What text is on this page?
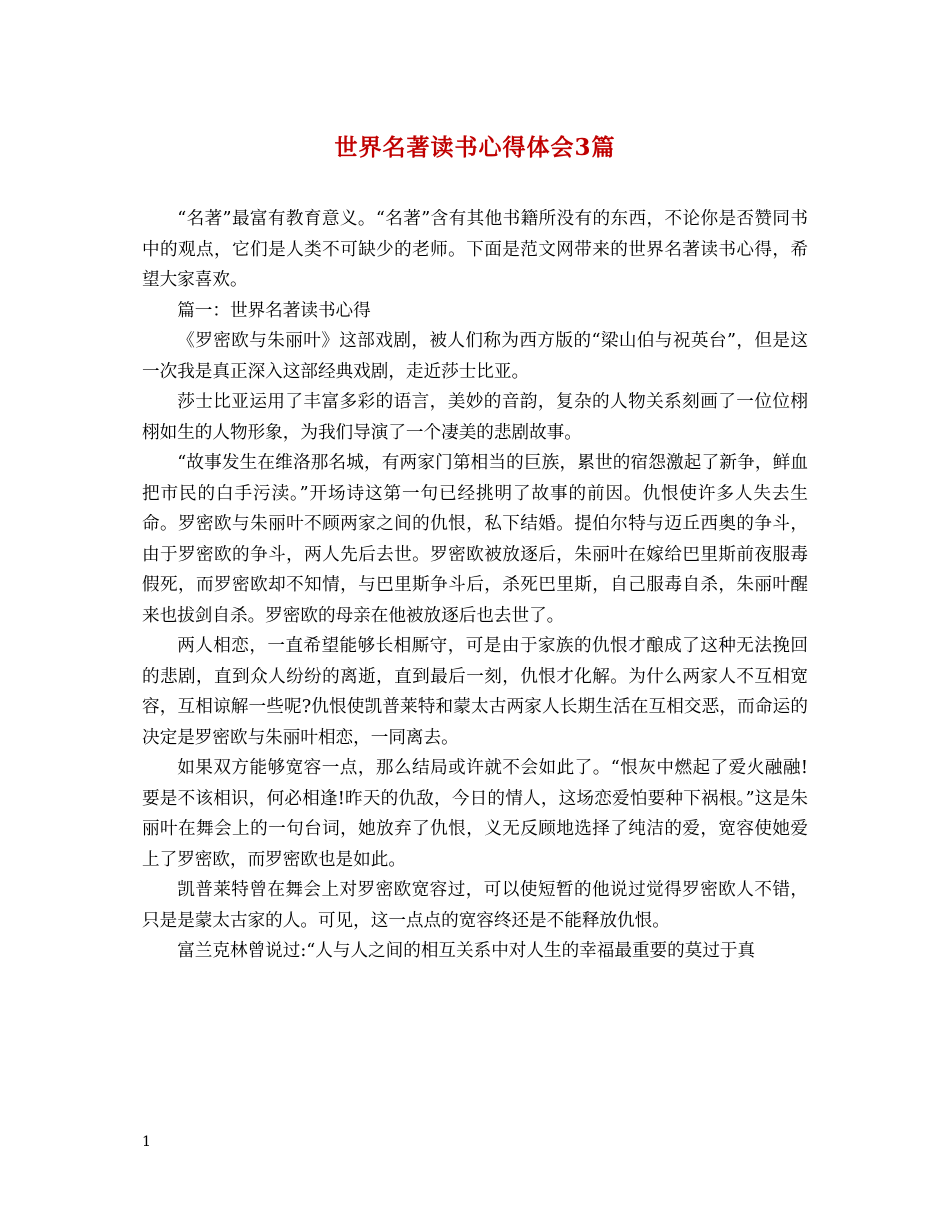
世界名著读书心得体会3篇

“名著”最富有教育意义。“名著”含有其他书籍所没有的东西，不论你是否赞同书中的观点，它们是人类不可缺少的老师。下面是范文网带来的世界名著读书心得，希望大家喜欢。

篇一：世界名著读书心得

《罗密欧与朱丽叶》这部戏剧，被人们称为西方版的“梁山伯与祝英台”，但是这一次我是真正深入这部经典戏剧，走近莎士比亚。

莎士比亚运用了丰富多彩的语言，美妙的音韵，复杂的人物关系刻画了一位位栩栩如生的人物形象，为我们导演了一个凄美的悲剧故事。

“故事发生在维洛那名城，有两家门第相当的巨族，累世的宿怨激起了新争，鲜血把市民的白手污渎。”开场诗这第一句已经挑明了故事的前因。仇恨使许多人失去生命。罗密欧与朱丽叶不顾两家之间的仇恨，私下结婚。提伯尔特与迈丘西奥的争斗，由于罗密欧的争斗，两人先后去世。罗密欧被放逐后，朱丽叶在嫁给巴里斯前夜服毒假死，而罗密欧却不知情，与巴里斯争斗后，杀死巴里斯，自己服毒自杀，朱丽叶醒来也拔剑自杀。罗密欧的母亲在他被放逐后也去世了。

两人相恋，一直希望能够长相厮守，可是由于家族的仇恨才酿成了这种无法挽回的悲剧，直到众人纷纷的离逝，直到最后一刻，仇恨才化解。为什么两家人不互相宽容，互相谅解一些呢?仇恨使凯普莱特和蒙太古两家人长期生活在互相交恶，而命运的决定是罗密欧与朱丽叶相恋，一同离去。

如果双方能够宽容一点，那么结局或许就不会如此了。“恨灰中燃起了爱火融融!要是不该相识，何必相逢!昨天的仇敌，今日的情人，这场恋爱怕要种下祸根。”这是朱丽叶在舞会上的一句台词，她放弃了仇恨，义无反顾地选择了纯洁的爱，宽容使她爱上了罗密欧，而罗密欧也是如此。

凯普莱特曾在舞会上对罗密欧宽容过，可以使短暂的他说过觉得罗密欧人不错，只是是蒙太古家的人。可见，这一点点的宽容终还是不能释放仇恨。

富兰克林曾说过:“人与人之间的相互关系中对人生的幸福最重要的莫过于真

1
